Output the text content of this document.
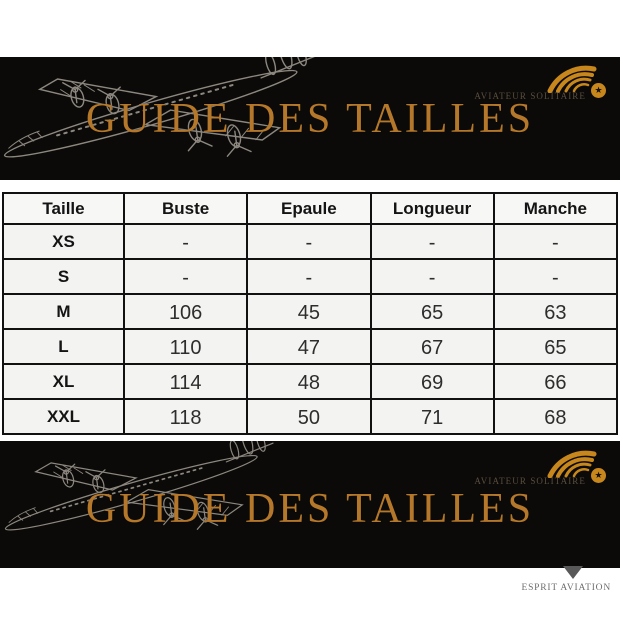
GUIDE DES TAILLES
★
AVIATEUR SOLITAIRE
Taille	Buste	Epaule	Longueur	Manche
XS	-	-	-	-
S	-	-	-	-
M	106	45	65	63
L	110	47	67	65
XL	114	48	69	66
XXL	118	50	71	68
GUIDE DES TAILLES
★
AVIATEUR SOLITAIRE
ESPRIT AVIATION
